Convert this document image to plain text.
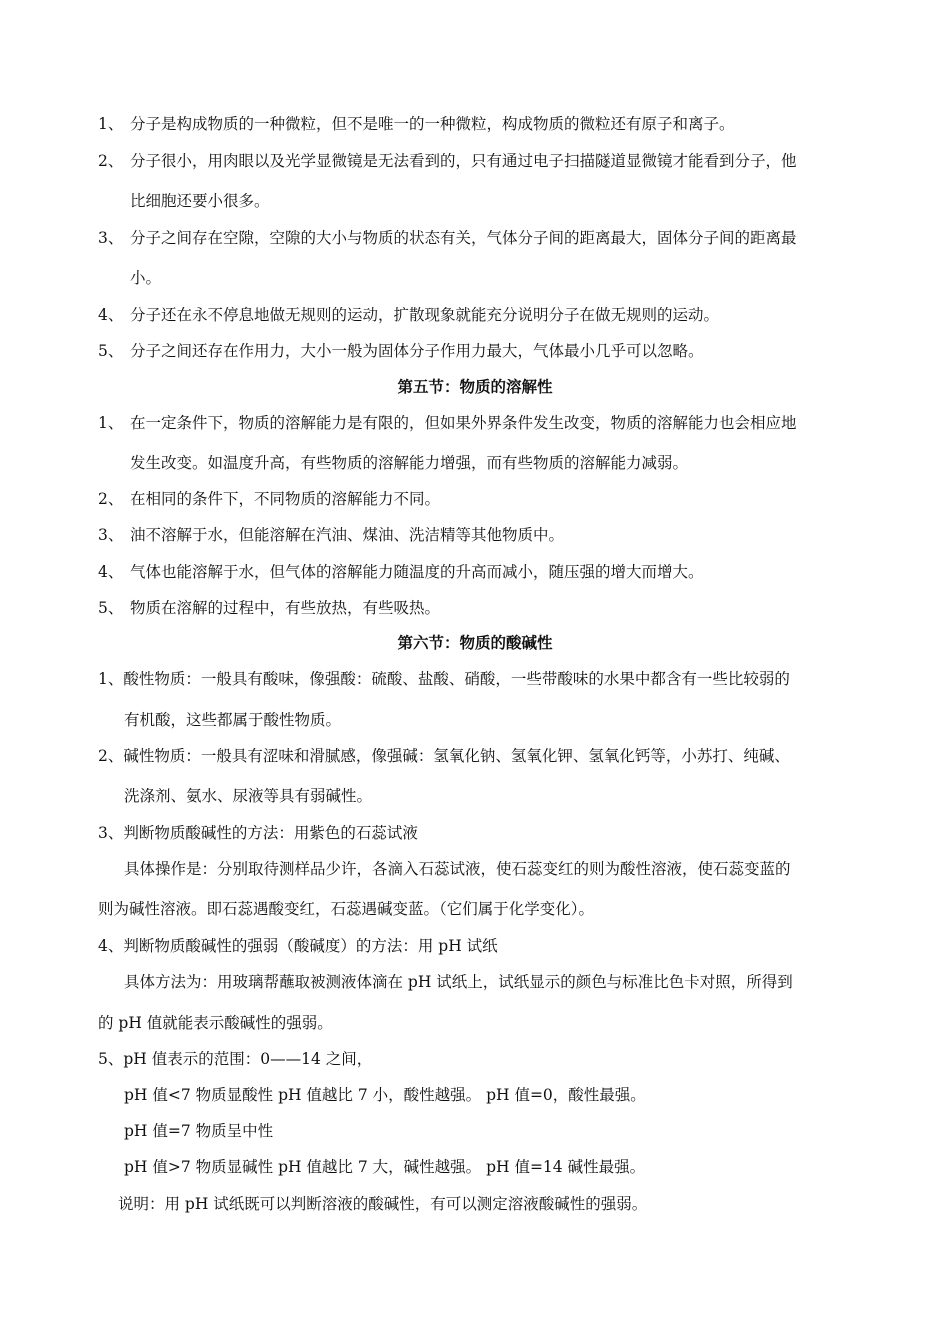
1、 分子是构成物质的一种微粒，但不是唯一的一种微粒，构成物质的微粒还有原子和离子。
2、 分子很小，用肉眼以及光学显微镜是无法看到的，只有通过电子扫描隧道显微镜才能看到分子，他
比细胞还要小很多。
3、 分子之间存在空隙，空隙的大小与物质的状态有关，气体分子间的距离最大，固体分子间的距离最
小。
4、 分子还在永不停息地做无规则的运动，扩散现象就能充分说明分子在做无规则的运动。
5、 分子之间还存在作用力，大小一般为固体分子作用力最大，气体最小几乎可以忽略。
第五节：物质的溶解性
1、 在一定条件下，物质的溶解能力是有限的，但如果外界条件发生改变，物质的溶解能力也会相应地
发生改变。如温度升高，有些物质的溶解能力增强，而有些物质的溶解能力减弱。
2、 在相同的条件下，不同物质的溶解能力不同。
3、 油不溶解于水，但能溶解在汽油、煤油、洗洁精等其他物质中。
4、 气体也能溶解于水，但气体的溶解能力随温度的升高而减小，随压强的增大而增大。
5、 物质在溶解的过程中，有些放热，有些吸热。
第六节：物质的酸碱性
1、酸性物质：一般具有酸味，像强酸：硫酸、盐酸、硝酸，一些带酸味的水果中都含有一些比较弱的
有机酸，这些都属于酸性物质。
2、碱性物质：一般具有涩味和滑腻感，像强碱：氢氧化钠、氢氧化钾、氢氧化钙等，小苏打、纯碱、
洗涤剂、氨水、尿液等具有弱碱性。
3、判断物质酸碱性的方法：用紫色的石蕊试液
具体操作是：分别取待测样品少许，各滴入石蕊试液，使石蕊变红的则为酸性溶液，使石蕊变蓝的
则为碱性溶液。即石蕊遇酸变红，石蕊遇碱变蓝。（它们属于化学变化）。
4、判断物质酸碱性的强弱（酸碱度）的方法：用 pH 试纸
具体方法为：用玻璃帮蘸取被测液体滴在 pH 试纸上，试纸显示的颜色与标准比色卡对照，所得到
的 pH 值就能表示酸碱性的强弱。
5、pH 值表示的范围：0——14 之间，
pH 值<7 物质显酸性 pH 值越比 7 小，酸性越强。 pH 值=0，酸性最强。
pH 值=7 物质呈中性
pH 值>7 物质显碱性 pH 值越比 7 大，碱性越强。 pH 值=14 碱性最强。
说明：用 pH 试纸既可以判断溶液的酸碱性，有可以测定溶液酸碱性的强弱。
